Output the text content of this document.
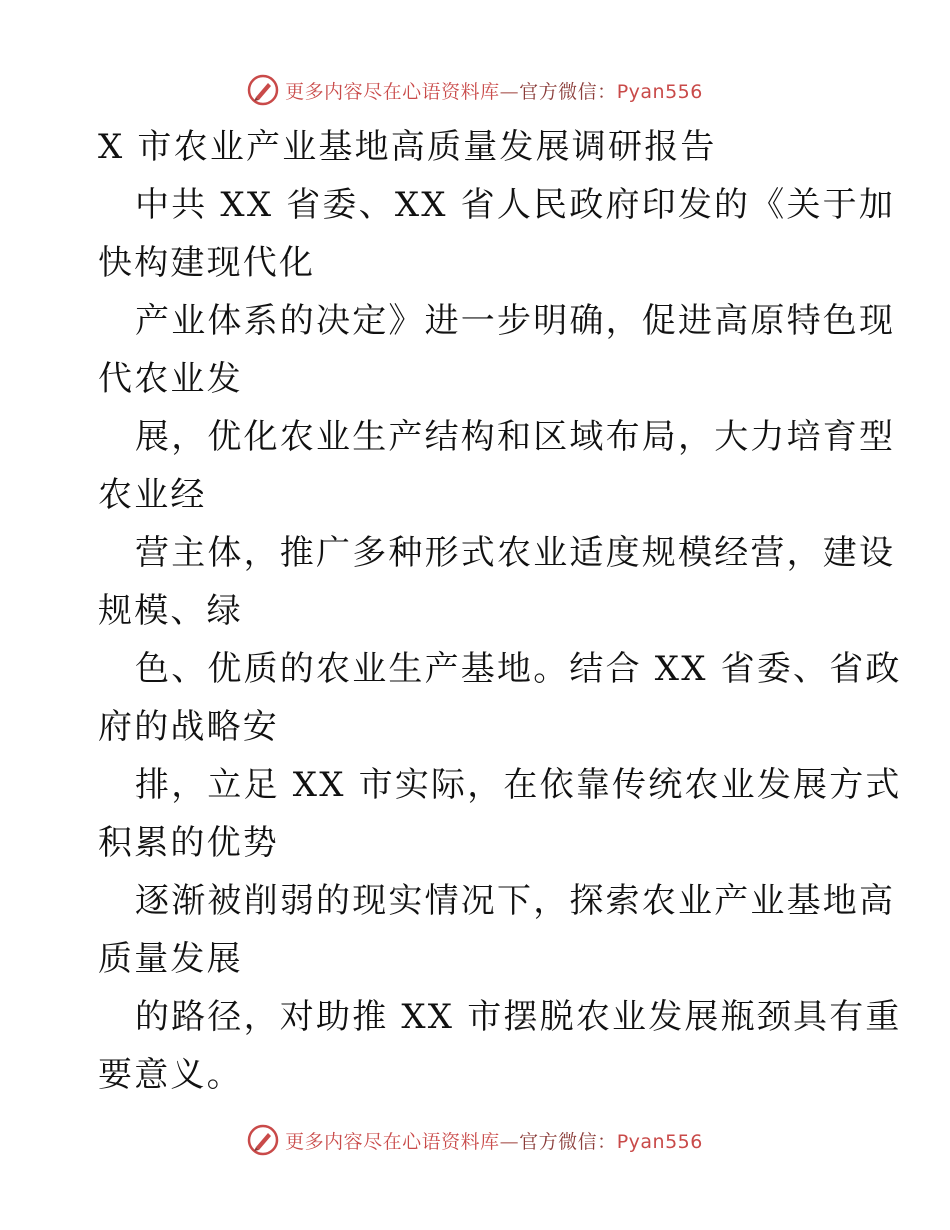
更多内容尽在心语资料库—官方微信：Pyan556
X 市农业产业基地高质量发展调研报告
中共 XX 省委、XX 省人民政府印发的《关于加
快构建现代化
产业体系的决定》进一步明确，促进高原特色现
代农业发
展，优化农业生产结构和区域布局，大力培育型
农业经
营主体，推广多种形式农业适度规模经营，建设
规模、绿
色、优质的农业生产基地。结合 XX 省委、省政
府的战略安
排，立足 XX 市实际，在依靠传统农业发展方式
积累的优势
逐渐被削弱的现实情况下，探索农业产业基地高
质量发展
的路径，对助推 XX 市摆脱农业发展瓶颈具有重
要意义。
更多内容尽在心语资料库—官方微信：Pyan556
